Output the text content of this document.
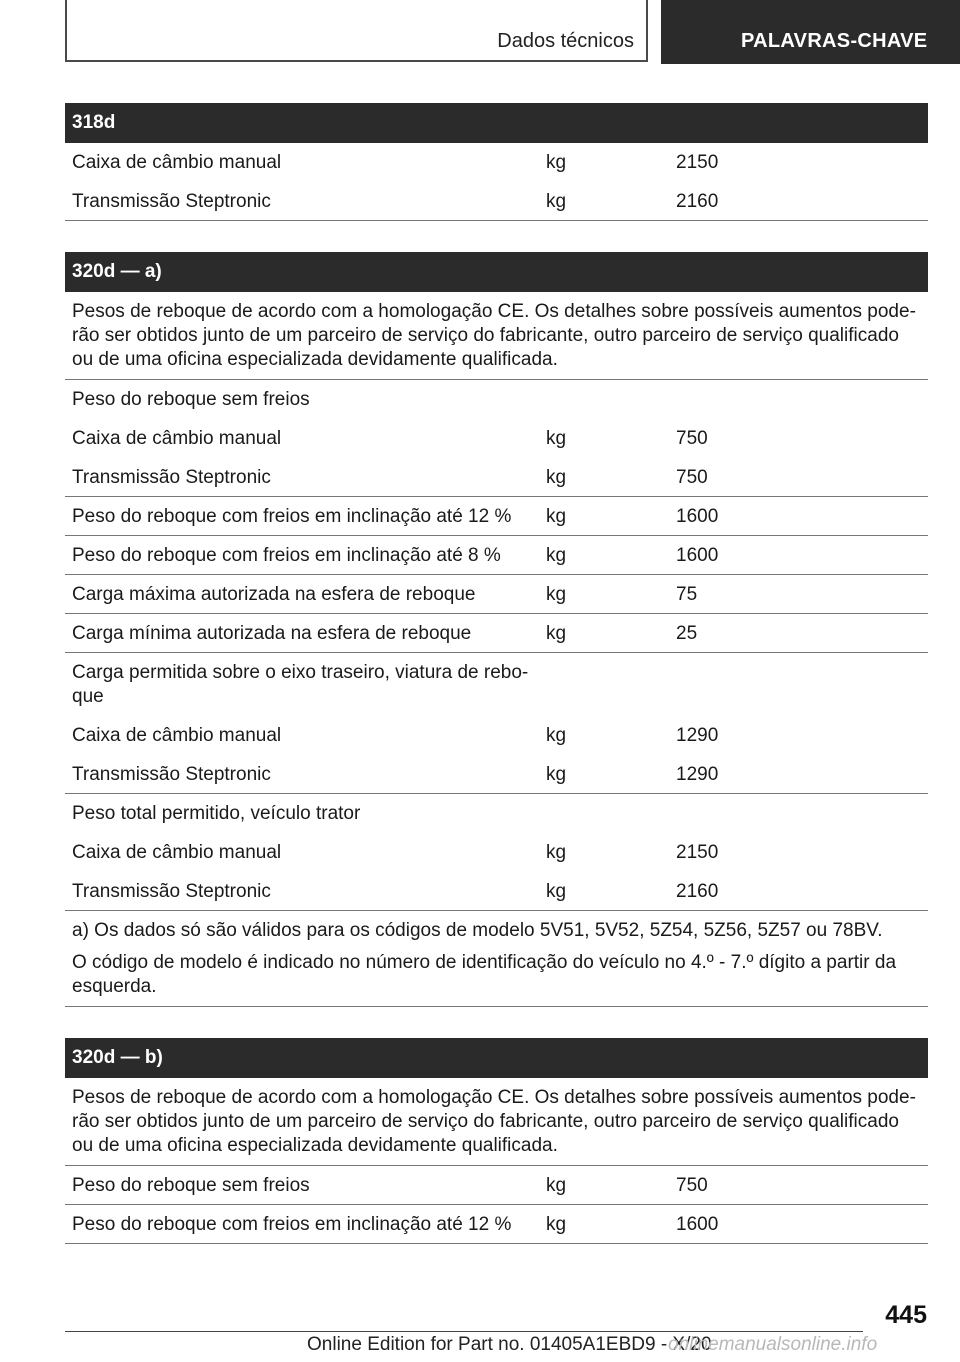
Dados técnicos	PALAVRAS-CHAVE
318d
Caixa de câmbio manual	kg	2150
Transmissão Steptronic	kg	2160
320d — a)
Pesos de reboque de acordo com a homologação CE. Os detalhes sobre possíveis aumentos pode- rão ser obtidos junto de um parceiro de serviço do fabricante, outro parceiro de serviço qualificado ou de uma oficina especializada devidamente qualificada.
Peso do reboque sem freios
Caixa de câmbio manual	kg	750
Transmissão Steptronic	kg	750
Peso do reboque com freios em inclinação até 12 %	kg	1600
Peso do reboque com freios em inclinação até 8 %	kg	1600
Carga máxima autorizada na esfera de reboque	kg	75
Carga mínima autorizada na esfera de reboque	kg	25
Carga permitida sobre o eixo traseiro, viatura de rebo- que
Caixa de câmbio manual	kg	1290
Transmissão Steptronic	kg	1290
Peso total permitido, veículo trator
Caixa de câmbio manual	kg	2150
Transmissão Steptronic	kg	2160
a) Os dados só são válidos para os códigos de modelo 5V51, 5V52, 5Z54, 5Z56, 5Z57 ou 78BV.
O código de modelo é indicado no número de identificação do veículo no 4.º - 7.º dígito a partir da esquerda.
320d — b)
Pesos de reboque de acordo com a homologação CE. Os detalhes sobre possíveis aumentos pode- rão ser obtidos junto de um parceiro de serviço do fabricante, outro parceiro de serviço qualificado ou de uma oficina especializada devidamente qualificada.
Peso do reboque sem freios	kg	750
Peso do reboque com freios em inclinação até 12 %	kg	1600
445
Online Edition for Part no. 01405A1EBD9 - X/20
onlinemanualsonline.info
